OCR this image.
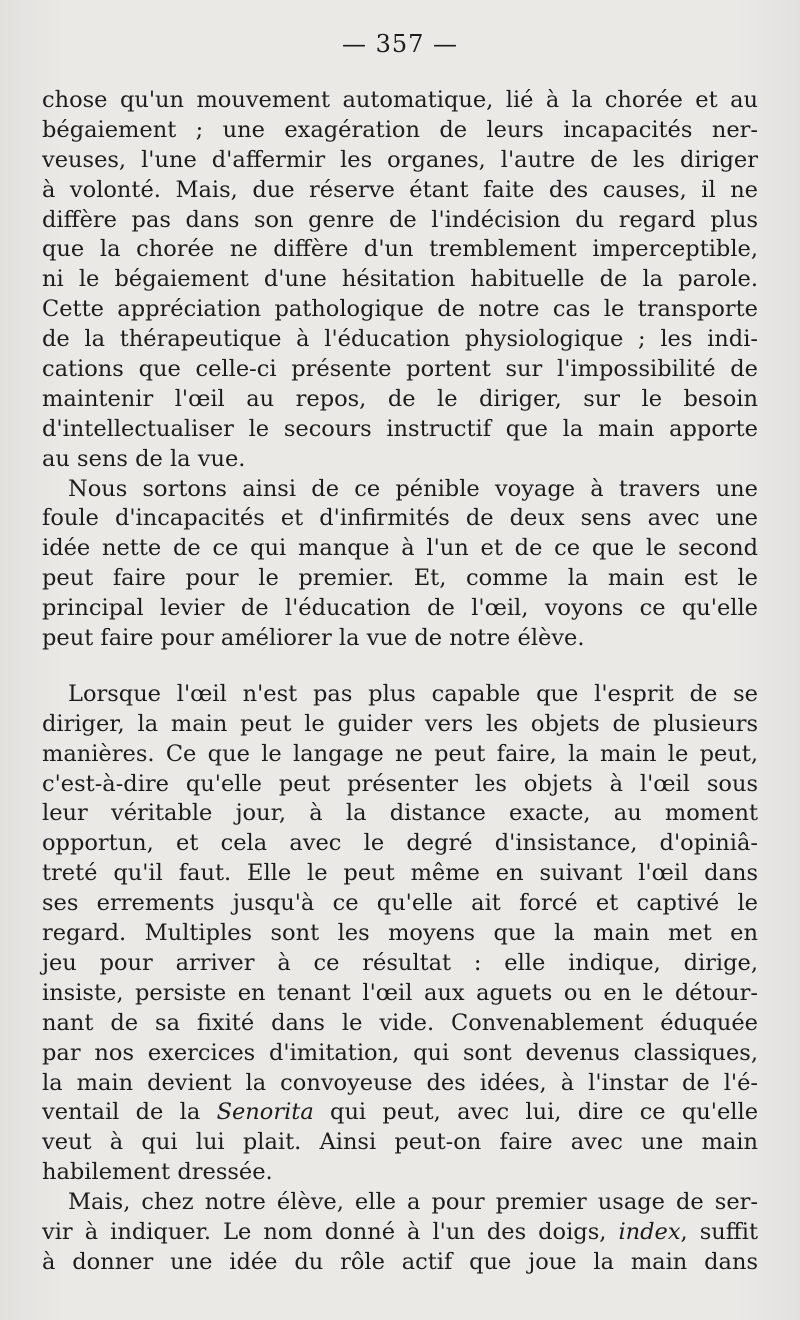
— 357 —
chose qu'un mouvement automatique, lié à la chorée et au
bégaiement ; une exagération de leurs incapacités ner-
veuses, l'une d'affermir les organes, l'autre de les diriger
à volonté. Mais, due réserve étant faite des causes, il ne
diffère pas dans son genre de l'indécision du regard plus
que la chorée ne diffère d'un tremblement imperceptible,
ni le bégaiement d'une hésitation habituelle de la parole.
Cette appréciation pathologique de notre cas le transporte
de la thérapeutique à l'éducation physiologique ; les indi-
cations que celle-ci présente portent sur l'impossibilité de
maintenir l'œil au repos, de le diriger, sur le besoin
d'intellectualiser le secours instructif que la main apporte
au sens de la vue.
Nous sortons ainsi de ce pénible voyage à travers une
foule d'incapacités et d'infirmités de deux sens avec une
idée nette de ce qui manque à l'un et de ce que le second
peut faire pour le premier. Et, comme la main est le
principal levier de l'éducation de l'œil, voyons ce qu'elle
peut faire pour améliorer la vue de notre élève.
Lorsque l'œil n'est pas plus capable que l'esprit de se
diriger, la main peut le guider vers les objets de plusieurs
manières. Ce que le langage ne peut faire, la main le peut,
c'est-à-dire qu'elle peut présenter les objets à l'œil sous
leur véritable jour, à la distance exacte, au moment
opportun, et cela avec le degré d'insistance, d'opiniâ-
treté qu'il faut. Elle le peut même en suivant l'œil dans
ses errements jusqu'à ce qu'elle ait forcé et captivé le
regard. Multiples sont les moyens que la main met en
jeu pour arriver à ce résultat : elle indique, dirige,
insiste, persiste en tenant l'œil aux aguets ou en le détour-
nant de sa fixité dans le vide. Convenablement éduquée
par nos exercices d'imitation, qui sont devenus classiques,
la main devient la convoyeuse des idées, à l'instar de l'é-
ventail de la Senorita qui peut, avec lui, dire ce qu'elle
veut à qui lui plait. Ainsi peut-on faire avec une main
habilement dressée.
Mais, chez notre élève, elle a pour premier usage de ser-
vir à indiquer. Le nom donné à l'un des doigs, index, suffit
à donner une idée du rôle actif que joue la main dans
